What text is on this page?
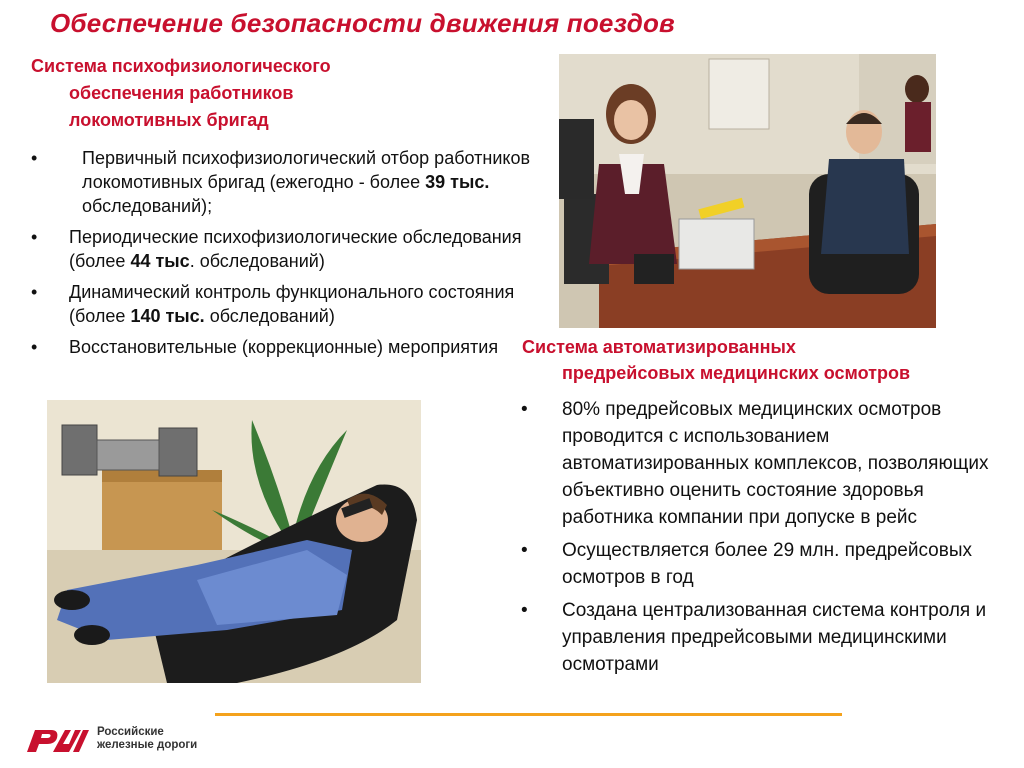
Обеспечение безопасности движения поездов
Система психофизиологического
обеспечения работников
локомотивных бригад
• Первичный психофизиологический отбор работников локомотивных бригад (ежегодно - более 39 тыс. обследований);
• Периодические психофизиологические обследования (более 44 тыс. обследований)
• Динамический контроль функционального состояния (более 140 тыс. обследований)
• Восстановительные (коррекционные) мероприятия	Система автоматизированных
предрейсовых медицинских осмотров
• 80% предрейсовых медицинских осмотров проводится с использованием автоматизированных комплексов, позволяющих объективно оценить состояние здоровья работника компании при допуске в рейс
• Осуществляется более 29 млн. предрейсовых осмотров в год
• Создана централизованная система контроля и управления предрейсовыми медицинскими осмотрами
Российские
железные дороги
